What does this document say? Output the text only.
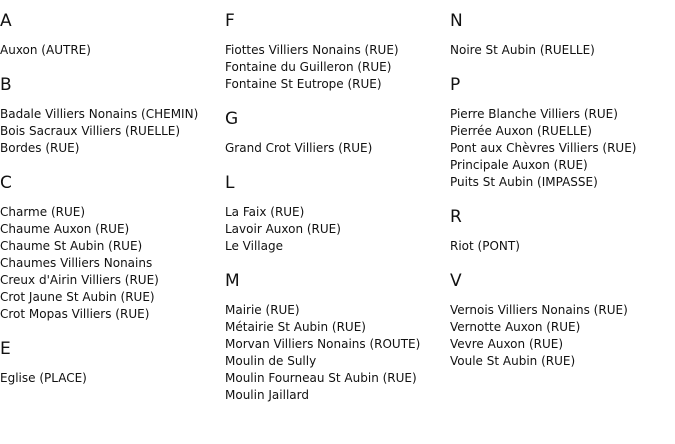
A
Auxon (AUTRE)
B
Badale Villiers Nonains (CHEMIN)
Bois Sacraux Villiers (RUELLE)
Bordes (RUE)
C
Charme (RUE)
Chaume Auxon (RUE)
Chaume St Aubin (RUE)
Chaumes Villiers Nonains
Creux d'Airin Villiers (RUE)
Crot Jaune St Aubin (RUE)
Crot Mopas Villiers (RUE)
E
Eglise (PLACE)
F
Fiottes Villiers Nonains (RUE)
Fontaine du Guilleron (RUE)
Fontaine St Eutrope (RUE)
G
Grand Crot Villiers (RUE)
L
La Faix (RUE)
Lavoir Auxon (RUE)
Le Village
M
Mairie (RUE)
Métairie St Aubin (RUE)
Morvan Villiers Nonains (ROUTE)
Moulin de Sully
Moulin Fourneau St Aubin (RUE)
Moulin Jaillard
N
Noire St Aubin (RUELLE)
P
Pierre Blanche Villiers (RUE)
Pierrée Auxon (RUELLE)
Pont aux Chèvres Villiers (RUE)
Principale Auxon (RUE)
Puits St Aubin (IMPASSE)
R
Riot (PONT)
V
Vernois Villiers Nonains (RUE)
Vernotte Auxon (RUE)
Vevre Auxon (RUE)
Voule St Aubin (RUE)
